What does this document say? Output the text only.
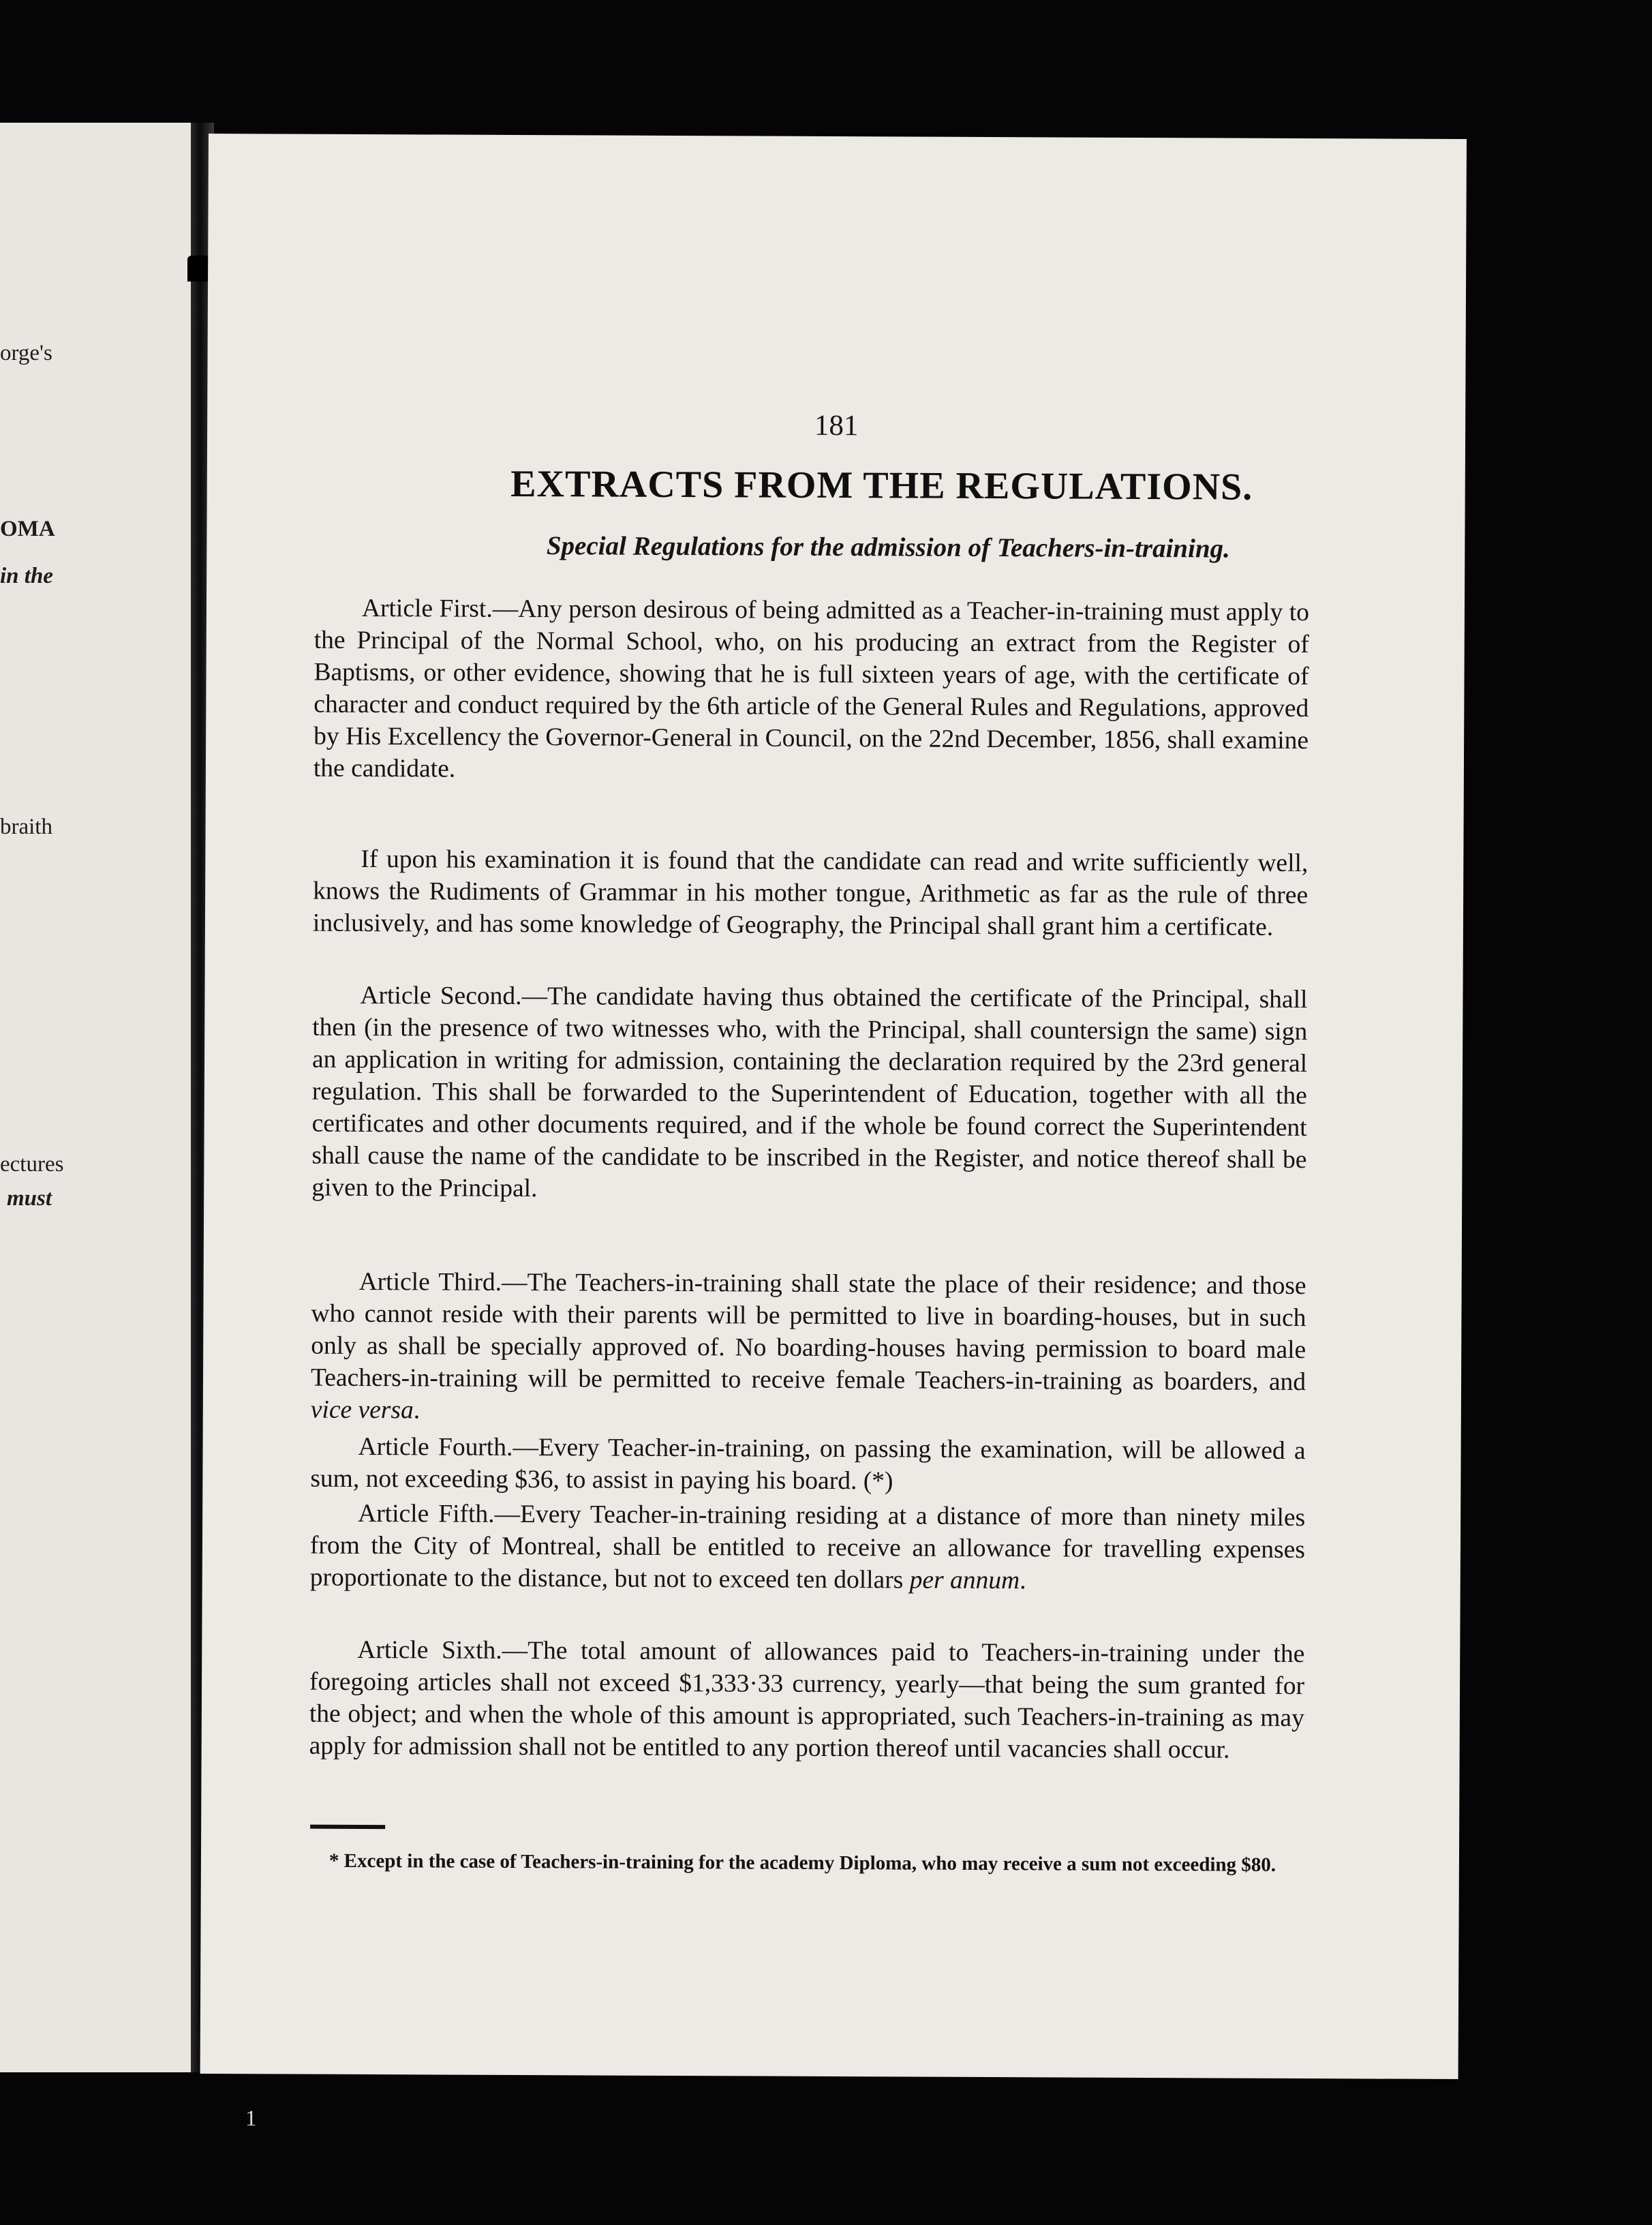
orge's
OMA
in the
braith
ectures
must
1
181
EXTRACTS FROM THE REGULATIONS.
Special Regulations for the admission of Teachers-in-training.

Article First.—Any person desirous of being admitted as a Teacher-in-training must apply to the Principal of the Normal School, who, on his producing an extract from the Register of Baptisms, or other evidence, showing that he is full sixteen years of age, with the certificate of character and conduct required by the 6th article of the General Rules and Regulations, approved by His Excellency the Governor-General in Council, on the 22nd December, 1856, shall examine the candidate.

If upon his examination it is found that the candidate can read and write sufficiently well, knows the Rudiments of Grammar in his mother tongue, Arithmetic as far as the rule of three inclusively, and has some knowledge of Geography, the Principal shall grant him a certificate.

Article Second.—The candidate having thus obtained the certificate of the Principal, shall then (in the presence of two witnesses who, with the Principal, shall countersign the same) sign an application in writing for admission, containing the declaration required by the 23rd general regulation. This shall be forwarded to the Superintendent of Education, together with all the certificates and other documents required, and if the whole be found correct the Superintendent shall cause the name of the candidate to be inscribed in the Register, and notice thereof shall be given to the Principal.

Article Third.—The Teachers-in-training shall state the place of their residence; and those who cannot reside with their parents will be permitted to live in boarding-houses, but in such only as shall be specially approved of. No boarding-houses having permission to board male Teachers-in-training will be permitted to receive female Teachers-in-training as boarders, and vice versa.

Article Fourth.—Every Teacher-in-training, on passing the examination, will be allowed a sum, not exceeding $36, to assist in paying his board. (*)

Article Fifth.—Every Teacher-in-training residing at a distance of more than ninety miles from the City of Montreal, shall be entitled to receive an allowance for travelling expenses proportionate to the distance, but not to exceed ten dollars per annum.

Article Sixth.—The total amount of allowances paid to Teachers-in-training under the foregoing articles shall not exceed $1,333·33 currency, yearly—that being the sum granted for the object; and when the whole of this amount is appropriated, such Teachers-in-training as may apply for admission shall not be entitled to any portion thereof until vacancies shall occur.

* Except in the case of Teachers-in-training for the academy Diploma, who may receive a sum not exceeding $80.
